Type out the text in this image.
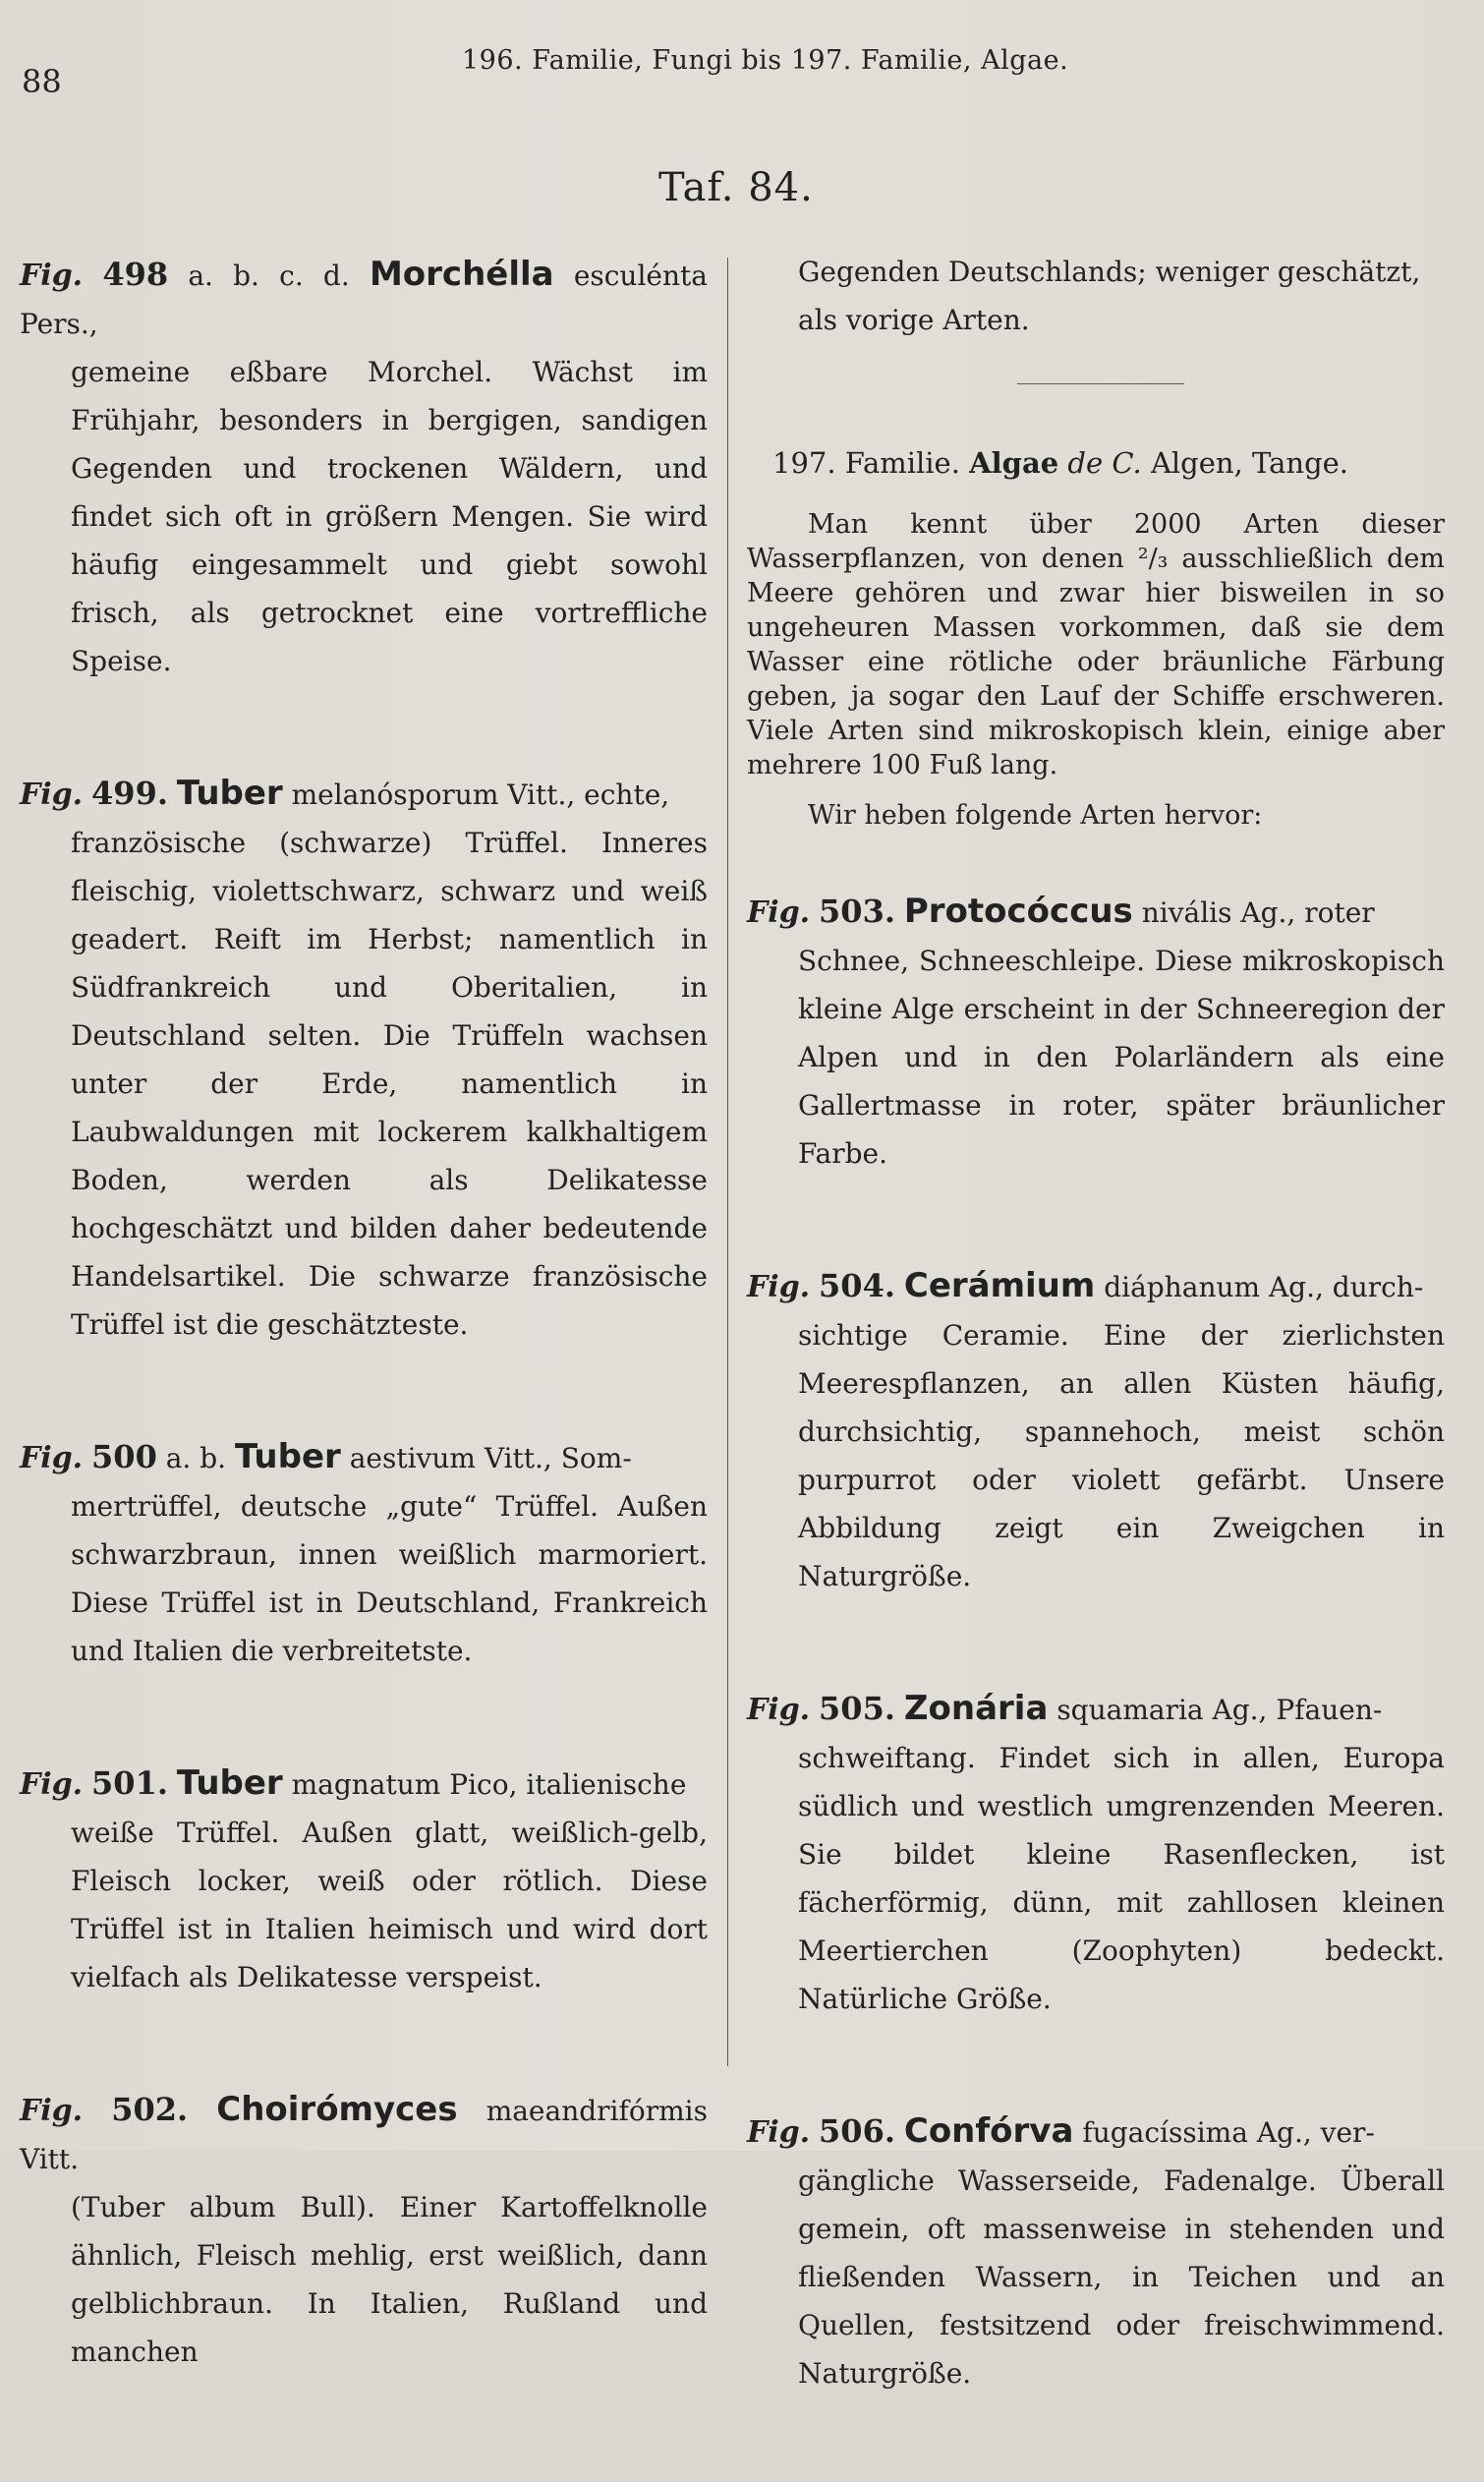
88
196. Familie, Fungi bis 197. Familie, Algae.
Taf. 84.
Fig. 498 a. b. c. d. Morchélla esculénta Pers.,
gemeine eßbare Morchel. Wächst im Frühjahr, besonders in bergigen, sandigen Gegenden und trockenen Wäldern, und findet sich oft in größern Mengen. Sie wird häufig eingesammelt und giebt sowohl frisch, als getrocknet eine vortreffliche Speise.
Fig. 499. Tuber melanósporum Vitt., echte,
französische (schwarze) Trüffel. Inneres fleischig, violettschwarz, schwarz und weiß geadert. Reift im Herbst; namentlich in Südfrankreich und Oberitalien, in Deutschland selten. Die Trüffeln wachsen unter der Erde, namentlich in Laubwaldungen mit lockerem kalkhaltigem Boden, werden als Delikatesse hochgeschätzt und bilden daher bedeutende Handelsartikel. Die schwarze französische Trüffel ist die geschätzteste.
Fig. 500 a. b. Tuber aestivum Vitt., Som-
mertrüffel, deutsche „gute“ Trüffel. Außen schwarzbraun, innen weißlich marmoriert. Diese Trüffel ist in Deutschland, Frankreich und Italien die verbreitetste.
Fig. 501. Tuber magnatum Pico, italienische
weiße Trüffel. Außen glatt, weißlich-gelb, Fleisch locker, weiß oder rötlich. Diese Trüffel ist in Italien heimisch und wird dort vielfach als Delikatesse verspeist.
Fig. 502. Choirómyces maeandrifórmis Vitt.
(Tuber album Bull). Einer Kartoffelknolle ähnlich, Fleisch mehlig, erst weißlich, dann gelblichbraun. In Italien, Rußland und manchen

Gegenden Deutschlands; weniger geschätzt, als vorige Arten.

197. Familie. Algae de C. Algen, Tange.

Man kennt über 2000 Arten dieser Wasserpflanzen, von denen ²/₃ ausschließlich dem Meere gehören und zwar hier bisweilen in so ungeheuren Massen vorkommen, daß sie dem Wasser eine rötliche oder bräunliche Färbung geben, ja sogar den Lauf der Schiffe erschweren. Viele Arten sind mikroskopisch klein, einige aber mehrere 100 Fuß lang.

Wir heben folgende Arten hervor:

Fig. 503. Protocóccus nivális Ag., roter
Schnee, Schneeschleipe. Diese mikroskopisch kleine Alge erscheint in der Schneeregion der Alpen und in den Polarländern als eine Gallertmasse in roter, später bräunlicher Farbe.
Fig. 504. Cerámium diáphanum Ag., durch-
sichtige Ceramie. Eine der zierlichsten Meerespflanzen, an allen Küsten häufig, durchsichtig, spannehoch, meist schön purpurrot oder violett gefärbt. Unsere Abbildung zeigt ein Zweigchen in Naturgröße.
Fig. 505. Zonária squamaria Ag., Pfauen-
schweiftang. Findet sich in allen, Europa südlich und westlich umgrenzenden Meeren. Sie bildet kleine Rasenflecken, ist fächerförmig, dünn, mit zahllosen kleinen Meertierchen (Zoophyten) bedeckt. Natürliche Größe.
Fig. 506. Confórva fugacíssima Ag., ver-
gängliche Wasserseide, Fadenalge. Überall gemein, oft massenweise in stehenden und fließenden Wassern, in Teichen und an Quellen, festsitzend oder freischwimmend. Naturgröße.
